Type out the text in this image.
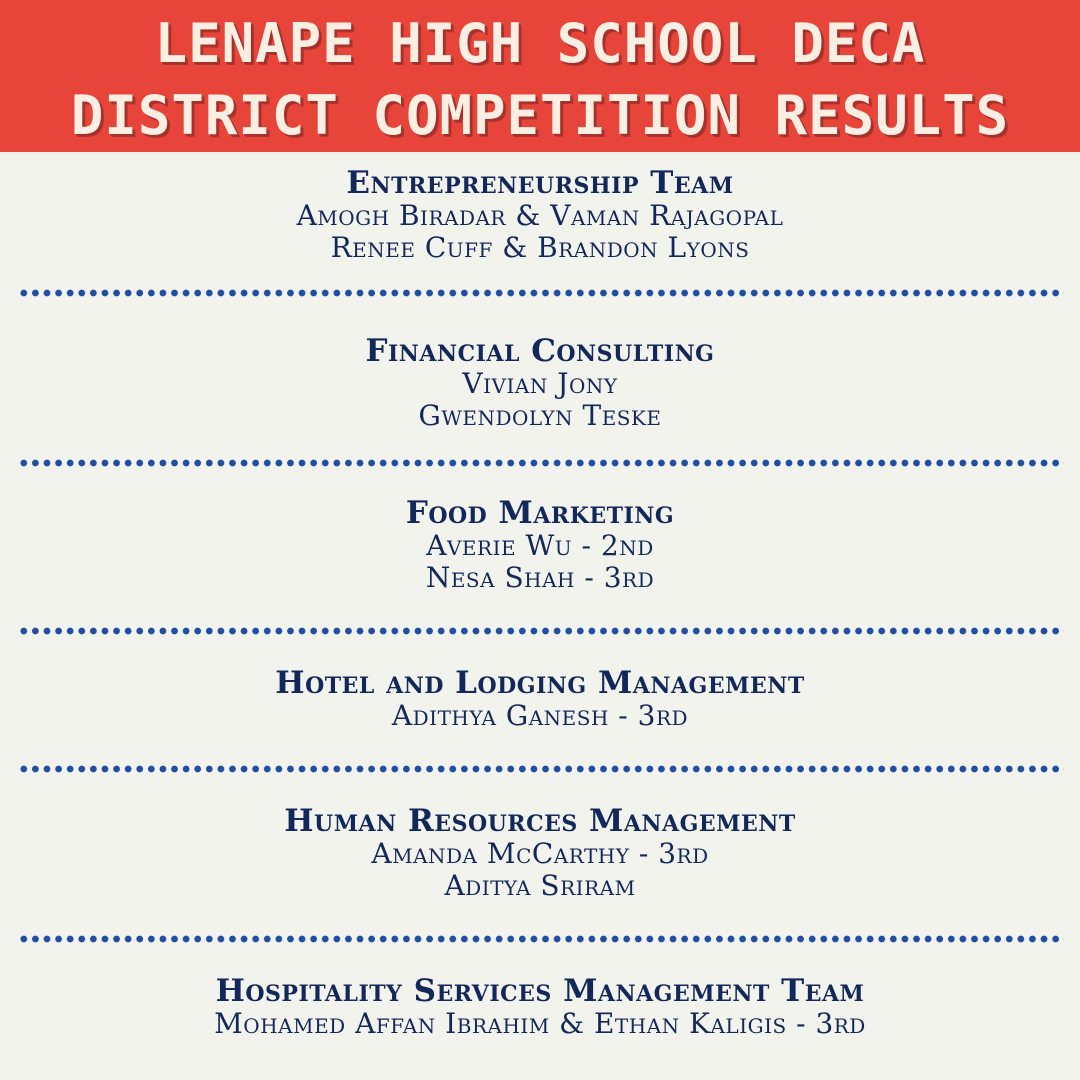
LENAPE HIGH SCHOOL DECA
DISTRICT COMPETITION RESULTS
Entrepreneurship Team
Amogh Biradar & Vaman Rajagopal
Renee Cuff & Brandon Lyons
Financial Consulting
Vivian Jony
Gwendolyn Teske
Food Marketing
Averie Wu - 2nd
Nesa Shah - 3rd
Hotel and Lodging Management
Adithya Ganesh - 3rd
Human Resources Management
Amanda McCarthy - 3rd
Aditya Sriram
Hospitality Services Management Team
Mohamed Affan Ibrahim & Ethan Kaligis - 3rd
